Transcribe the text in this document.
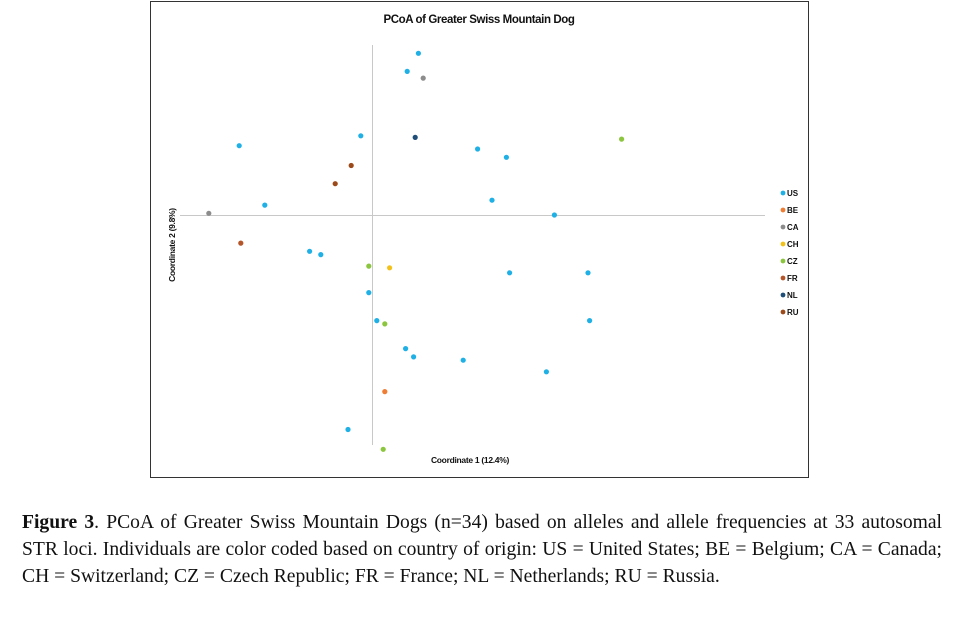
PCoA of Greater Swiss Mountain Dog
Coordinate 1 (12.4%)
Coordinate 2 (9.8%)
US
BE
CA
CH
CZ
FR
NL
RU
Figure 3. PCoA of Greater Swiss Mountain Dogs (n=34) based on alleles and allele frequencies at 33 autosomal STR loci. Individuals are color coded based on country of origin: US = United States; BE = Belgium; CA = Canada; CH = Switzerland; CZ = Czech Republic; FR = France; NL = Netherlands; RU = Russia.
